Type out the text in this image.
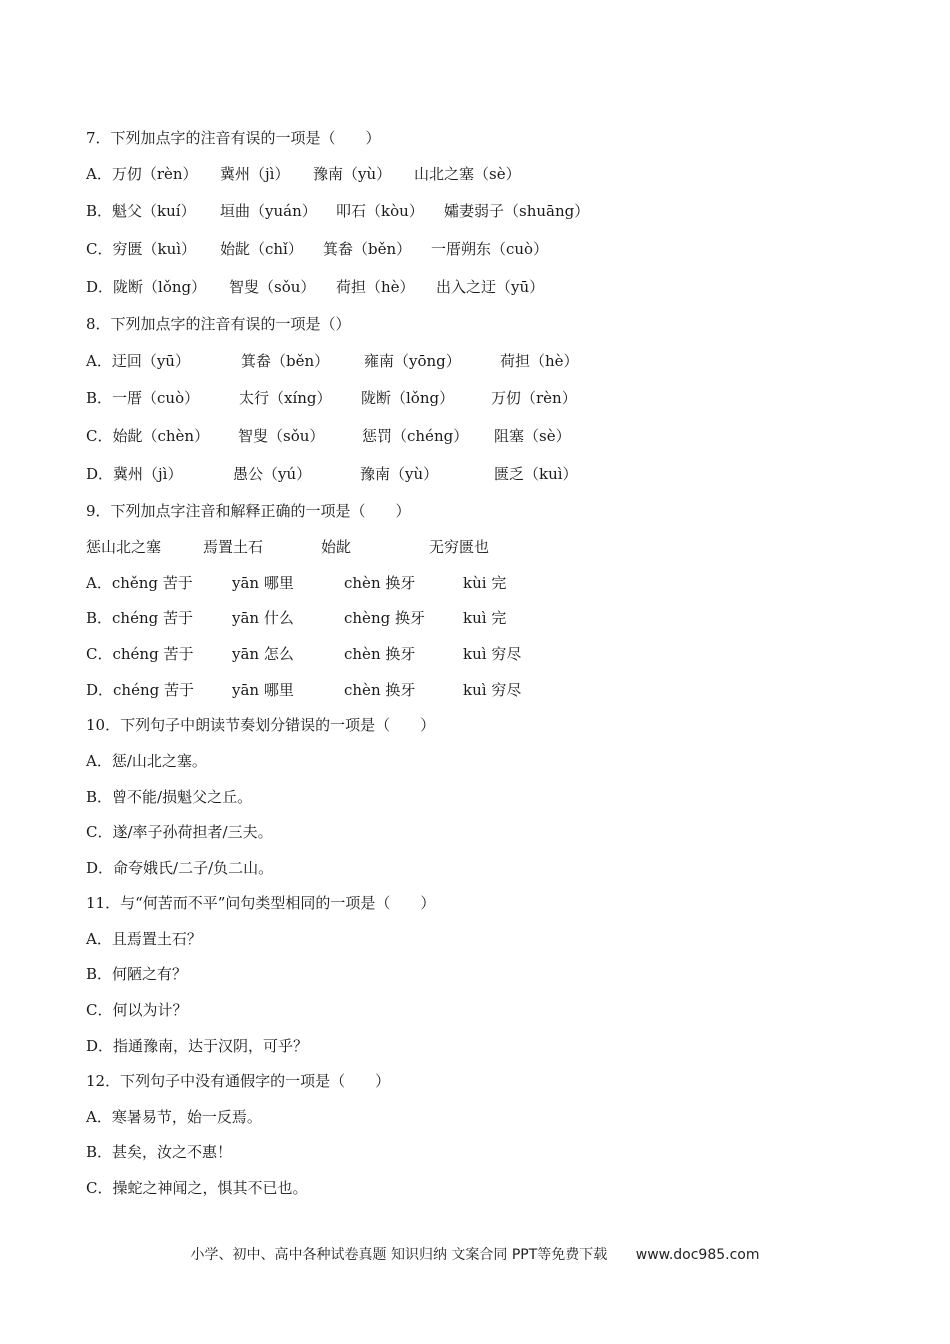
7．下列加点字的注音有误的一项是（　　）
A．万仞（rèn） 冀州（jì） 豫南（yù） 山北之塞（sè）
B．魁父（kuí） 垣曲（yuán） 叩石（kòu） 孀妻弱子（shuāng）
C．穷匮（kuì） 始龀（chǐ） 箕畚（běn） 一厝朔东（cuò）
D．陇断（lǒng） 智叟（sǒu） 荷担（hè） 出入之迂（yū）
8．下列加点字的注音有误的一项是（）
A．迂回（yū）	箕畚（běn） 雍南（yōng）	荷担（hè）
B．一厝（cuò）	太行（xíng） 陇断（lǒng） 万仞（rèn）
C．始龀（chèn） 智叟（sǒu）	惩罚（chéng） 阻塞（sè）
D．冀州（jì）	愚公（yú）	豫南（yù）	匮乏（kuì）
9．下列加点字注音和解释正确的一项是（　　）
惩山北之塞	焉置土石	始龀	无穷匮也
A．chěng 苦于	yān 哪里	chèn 换牙	kùi 完
B．chéng 苦于	yān 什么	chèng 换牙	kuì 完
C．chéng 苦于	yān 怎么	chèn 换牙	kuì 穷尽
D．chéng 苦于	yān 哪里	chèn 换牙	kuì 穷尽
10．下列句子中朗读节奏划分错误的一项是（　　）
A．惩/山北之塞。
B．曾不能/损魁父之丘。
C．遂/率子孙荷担者/三夫。
D．命夸娥氏/二子/负二山。
11．与“何苦而不平”问句类型相同的一项是（　　）
A．且焉置土石？
B．何陋之有？
C．何以为计？
D．指通豫南，达于汉阴，可乎？
12．下列句子中没有通假字的一项是（　　）
A．寒暑易节，始一反焉。
B．甚矣，汝之不惠！
C．操蛇之神闻之，惧其不已也。
小学、初中、高中各种试卷真题 知识归纳 文案合同 PPT等免费下载 www.doc985.com
